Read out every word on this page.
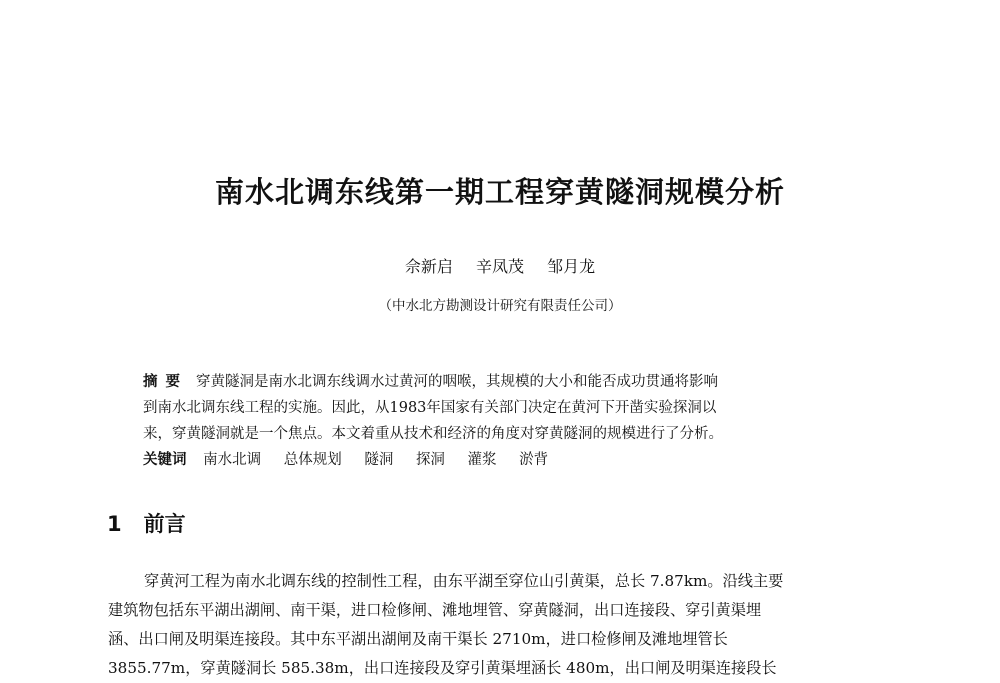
南水北调东线第一期工程穿黄隧洞规模分析
佘新启 辛凤茂 邹月龙
（中水北方勘测设计研究有限责任公司）
摘要 穿黄隧洞是南水北调东线调水过黄河的咽喉，其规模的大小和能否成功贯通将影响
到南水北调东线工程的实施。因此，从1983年国家有关部门决定在黄河下开凿实验探洞以
来，穿黄隧洞就是一个焦点。本文着重从技术和经济的角度对穿黄隧洞的规模进行了分析。
关键词 南水北调 总体规划 隧洞 探洞 灌浆 淤背
1 前言
穿黄河工程为南水北调东线的控制性工程，由东平湖至穿位山引黄渠，总长 7.87km。沿线主要
建筑物包括东平湖出湖闸、南干渠，进口检修闸、滩地埋管、穿黄隧洞，出口连接段、穿引黄渠埋
涵、出口闸及明渠连接段。其中东平湖出湖闸及南干渠长 2710m，进口检修闸及滩地埋管长
3855.77m，穿黄隧洞长 585.38m，出口连接段及穿引黄渠埋涵长 480m，出口闸及明渠连接段长
